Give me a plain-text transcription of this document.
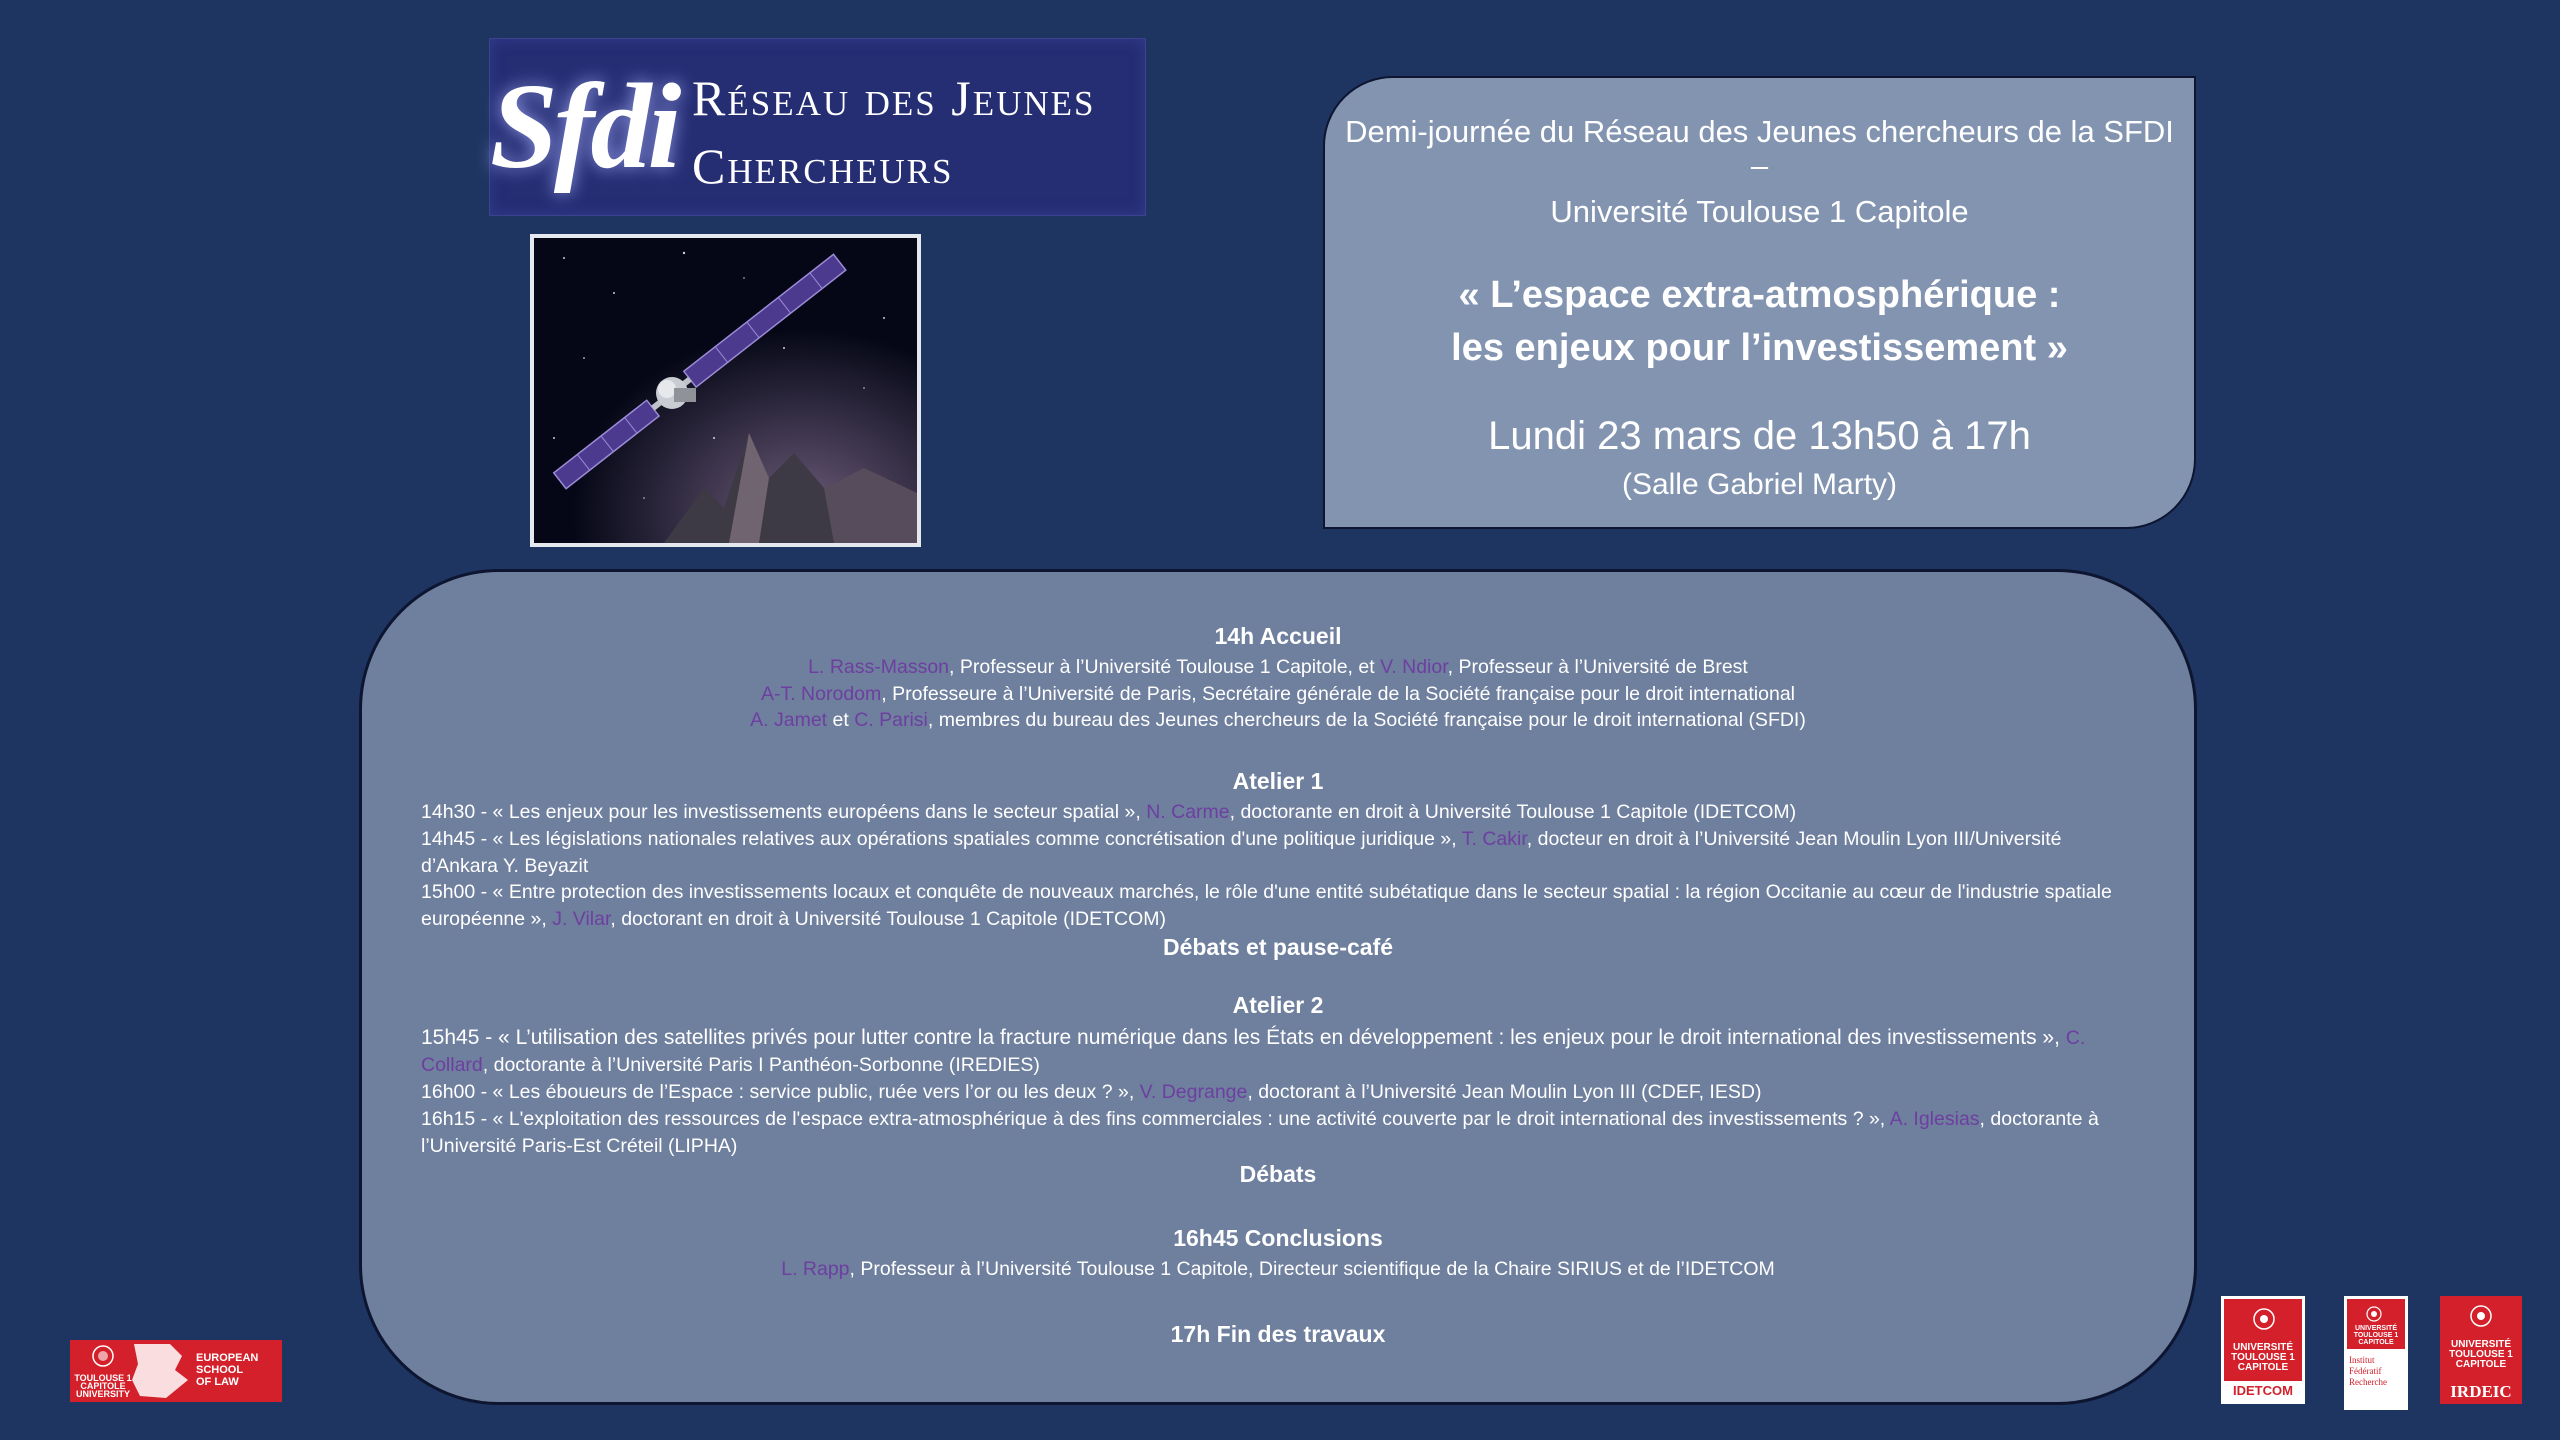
Sfdi Réseau des Jeunes
Chercheurs
Demi-journée du Réseau des Jeunes chercheurs de la SFDI
–
Université Toulouse 1 Capitole
« L’espace extra-atmosphérique :
les enjeux pour l’investissement »
Lundi 23 mars de 13h50 à 17h
(Salle Gabriel Marty)
14h Accueil
L. Rass-Masson, Professeur à l’Université Toulouse 1 Capitole, et V. Ndior, Professeur à l’Université de Brest
A-T. Norodom, Professeure à l’Université de Paris, Secrétaire générale de la Société française pour le droit international
A. Jamet et C. Parisi, membres du bureau des Jeunes chercheurs de la Société française pour le droit international (SFDI)
Atelier 1
14h30 - « Les enjeux pour les investissements européens dans le secteur spatial », N. Carme, doctorante en droit à Université Toulouse 1 Capitole (IDETCOM)
14h45 - « Les législations nationales relatives aux opérations spatiales comme concrétisation d'une politique juridique », T. Cakir, docteur en droit à l’Université Jean Moulin Lyon III/Université d’Ankara Y. Beyazit
15h00 - « Entre protection des investissements locaux et conquête de nouveaux marchés, le rôle d'une entité subétatique dans le secteur spatial : la région Occitanie au cœur de l'industrie spatiale européenne », J. Vilar, doctorant en droit à Université Toulouse 1 Capitole (IDETCOM)
Débats et pause-café
Atelier 2
15h45 - « L’utilisation des satellites privés pour lutter contre la fracture numérique dans les États en développement : les enjeux pour le droit international des investissements », C. Collard, doctorante à l’Université Paris I Panthéon-Sorbonne (IREDIES)
16h00 - « Les éboueurs de l’Espace : service public, ruée vers l’or ou les deux ? », V. Degrange, doctorant à l’Université Jean Moulin Lyon III (CDEF, IESD)
16h15 - « L'exploitation des ressources de l'espace extra-atmosphérique à des fins commerciales : une activité couverte par le droit international des investissements ? », A. Iglesias, doctorante à l’Université Paris-Est Créteil (LIPHA)
Débats
16h45 Conclusions
L. Rapp, Professeur à l’Université Toulouse 1 Capitole, Directeur scientifique de la Chaire SIRIUS et de l’IDETCOM
17h Fin des travaux
TOULOUSE 1
CAPITOLE
UNIVERSITY
EUROPEAN
SCHOOL
OF LAW
UNIVERSITÉ
TOULOUSE 1
CAPITOLE
IDETCOM
UNIVERSITÉ
TOULOUSE 1
CAPITOLE
Institut
Fédératif
Recherche
UNIVERSITÉ
TOULOUSE 1
CAPITOLE
IRDEIC
